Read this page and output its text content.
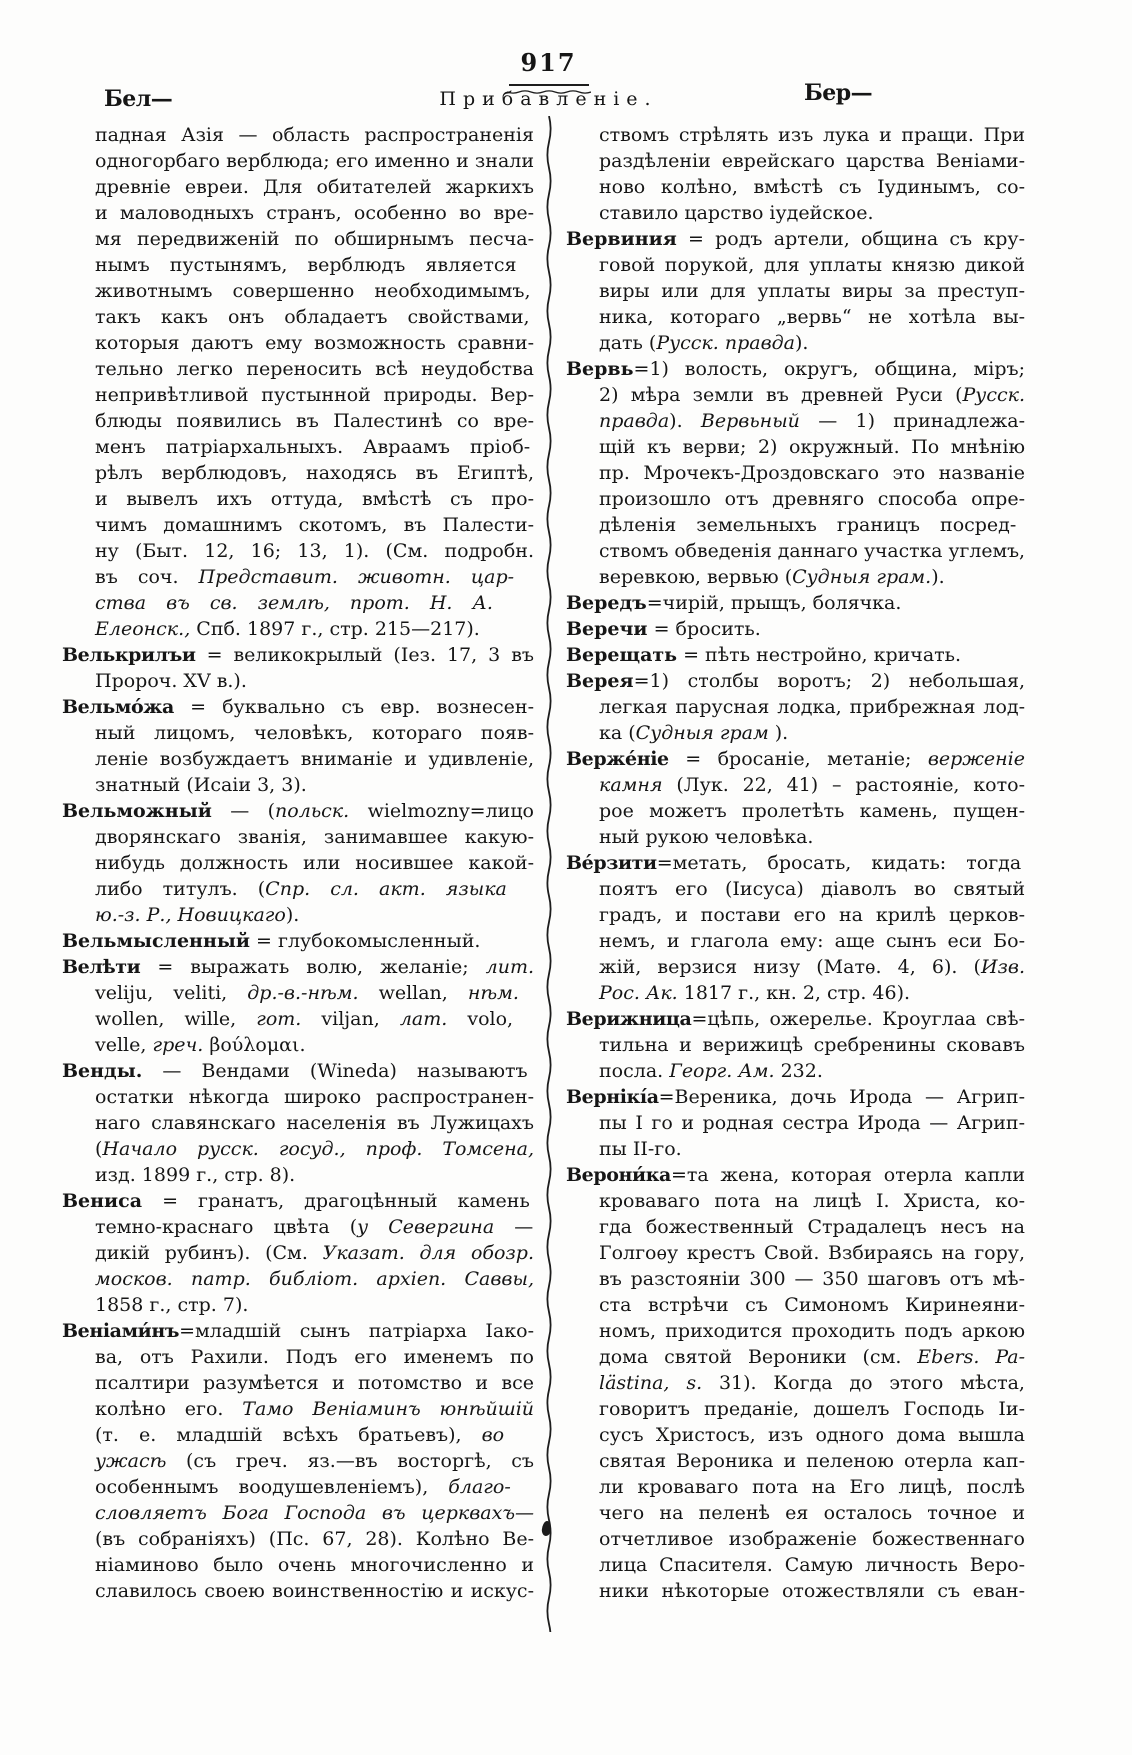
917
Бел—	Прибавленіе.	Бер—
падная Азія — область распространенія
одногорбаго верблюда; его именно и знали
древніе евреи. Для обитателей жаркихъ
и маловодныхъ странъ, особенно во вре-
мя передвиженій по обширнымъ песча-
нымъ пустынямъ, верблюдъ является
животнымъ совершенно необходимымъ,
такъ какъ онъ обладаетъ свойствами,
которыя даютъ ему возможность сравни-
тельно легко переносить всѣ неудобства
непривѣтливой пустынной природы. Вер-
блюды появились въ Палестинѣ со вре-
менъ патріархальныхъ. Авраамъ пріоб-
рѣлъ верблюдовъ, находясь въ Египтѣ,
и вывелъ ихъ оттуда, вмѣстѣ съ про-
чимъ домашнимъ скотомъ, въ Палести-
ну (Быт. 12, 16; 13, 1). (См. подробн.
въ соч. Представит. животн. цар-
ства въ св. землѣ, прот. Н. А.
Елеонск., Спб. 1897 г., стр. 215—217).
Велькрилъи = великокрылый (Іез. 17, 3 въ
Пророч. XV в.).
Вельмо́жа = буквально съ евр. вознесен-
ный лицомъ, человѣкъ, котораго появ-
леніе возбуждаетъ вниманіе и удивленіе,
знатный (Исаіи 3, 3).
Вельможный — (польск. wielmozny=лицо
дворянскаго званія, занимавшее какую-
нибудь должность или носившее какой-
либо титулъ. (Спр. сл. акт. языка
ю.-з. Р., Новицкаго).
Вельмысленный = глубокомысленный.
Велѣти = выражать волю, желаніе; лит.
veliju, veliti, др.-в.-нѣм. wellan, нѣм.
wollen, wille, гот. viljan, лат. volo,
velle, греч. βούλομαι.
Венды. — Вендами (Wineda) называютъ
остатки нѣкогда широко распространен-
наго славянскаго населенія въ Лужицахъ
(Начало русск. госуд., проф. Томсена,
изд. 1899 г., стр. 8).
Вениса = гранатъ, драгоцѣнный камень
темно-краснаго цвѣта (у Севергина —
дикій рубинъ). (См. Указат. для обозр.
москов. патр. библіот. архіеп. Саввы,
1858 г., стр. 7).
Веніами́нъ=младшій сынъ патріарха Іако-
ва, отъ Рахили. Подъ его именемъ по
псалтири разумѣется и потомство и все
колѣно его. Тамо Веніаминъ юнѣйшій
(т. е. младшій всѣхъ братьевъ), во
ужасѣ (съ греч. яз.—въ восторгѣ, съ
особеннымъ воодушевленіемъ), благо-
словляетъ Бога Господа въ церквахъ—
(въ собраніяхъ) (Пс. 67, 28). Колѣно Ве-
ніаминово было очень многочисленно и
славилось своею воинственностію и искус-
ствомъ стрѣлять изъ лука и пращи. При
раздѣленіи еврейскаго царства Веніами-
ново колѣно, вмѣстѣ съ Іудинымъ, со-
ставило царство іудейское.
Вервиния = родъ артели, община съ кру-
говой порукой, для уплаты князю дикой
виры или для уплаты виры за преступ-
ника, котораго „вервь“ не хотѣла вы-
дать (Русск. правда).
Вервь=1) волость, округъ, община, міръ;
2) мѣра земли въ древней Руси (Русск.
правда). Вервьный — 1) принадлежа-
щій къ верви; 2) окружный. По мнѣнію
пр. Мрочекъ-Дроздовскаго это названіе
произошло отъ древняго способа опре-
дѣленія земельныхъ границъ посред-
ствомъ обведенія даннаго участка углемъ,
веревкою, вервью (Судныя грам.).
Вередъ=чирій, прыщъ, болячка.
Веречи = бросить.
Верещать = пѣть нестройно, кричать.
Верея=1) столбы воротъ; 2) небольшая,
легкая парусная лодка, прибрежная лод-
ка (Судныя грам ).
Верже́ніе = бросаніе, метаніе; верженіе
камня (Лук. 22, 41) – растояніе, кото-
рое можетъ пролетѣть камень, пущен-
ный рукою человѣка.
Ве́рзити=метать, бросать, кидать: тогда
поятъ его (Іисуса) діаволъ во святый
градъ, и постави его на крилѣ церков-
немъ, и глагола ему: аще сынъ еси Бо-
жій, верзися низу (Матѳ. 4, 6). (Изв.
Рос. Ак. 1817 г., кн. 2, стр. 46).
Верижница=цѣпь, ожерелье. Кроуглаа свѣ-
тильна и верижицѣ сребренины сковавъ
посла. Георг. Ам. 232.
Вернікі́а=Вереника, дочь Ирода — Агрип-
пы I го и родная сестра Ирода — Агрип-
пы II-го.
Верони́ка=та жена, которая отерла капли
кроваваго пота на лицѣ І. Христа, ко-
гда божественный Страдалецъ несъ на
Голгоѳу крестъ Свой. Взбираясь на гору,
въ разстояніи 300 — 350 шаговъ отъ мѣ-
ста встрѣчи съ Симономъ Киринеяни-
номъ, приходится проходить подъ аркою
дома святой Вероники (см. Ebers. Pa-
lästina, s. 31). Когда до этого мѣста,
говоритъ преданіе, дошелъ Господь Іи-
сусъ Христосъ, изъ одного дома вышла
святая Вероника и пеленою отерла кап-
ли кроваваго пота на Его лицѣ, послѣ
чего на пеленѣ ея осталось точное и
отчетливое изображеніе божественнаго
лица Спасителя. Самую личность Веро-
ники нѣкоторые отожествляли съ еван-
